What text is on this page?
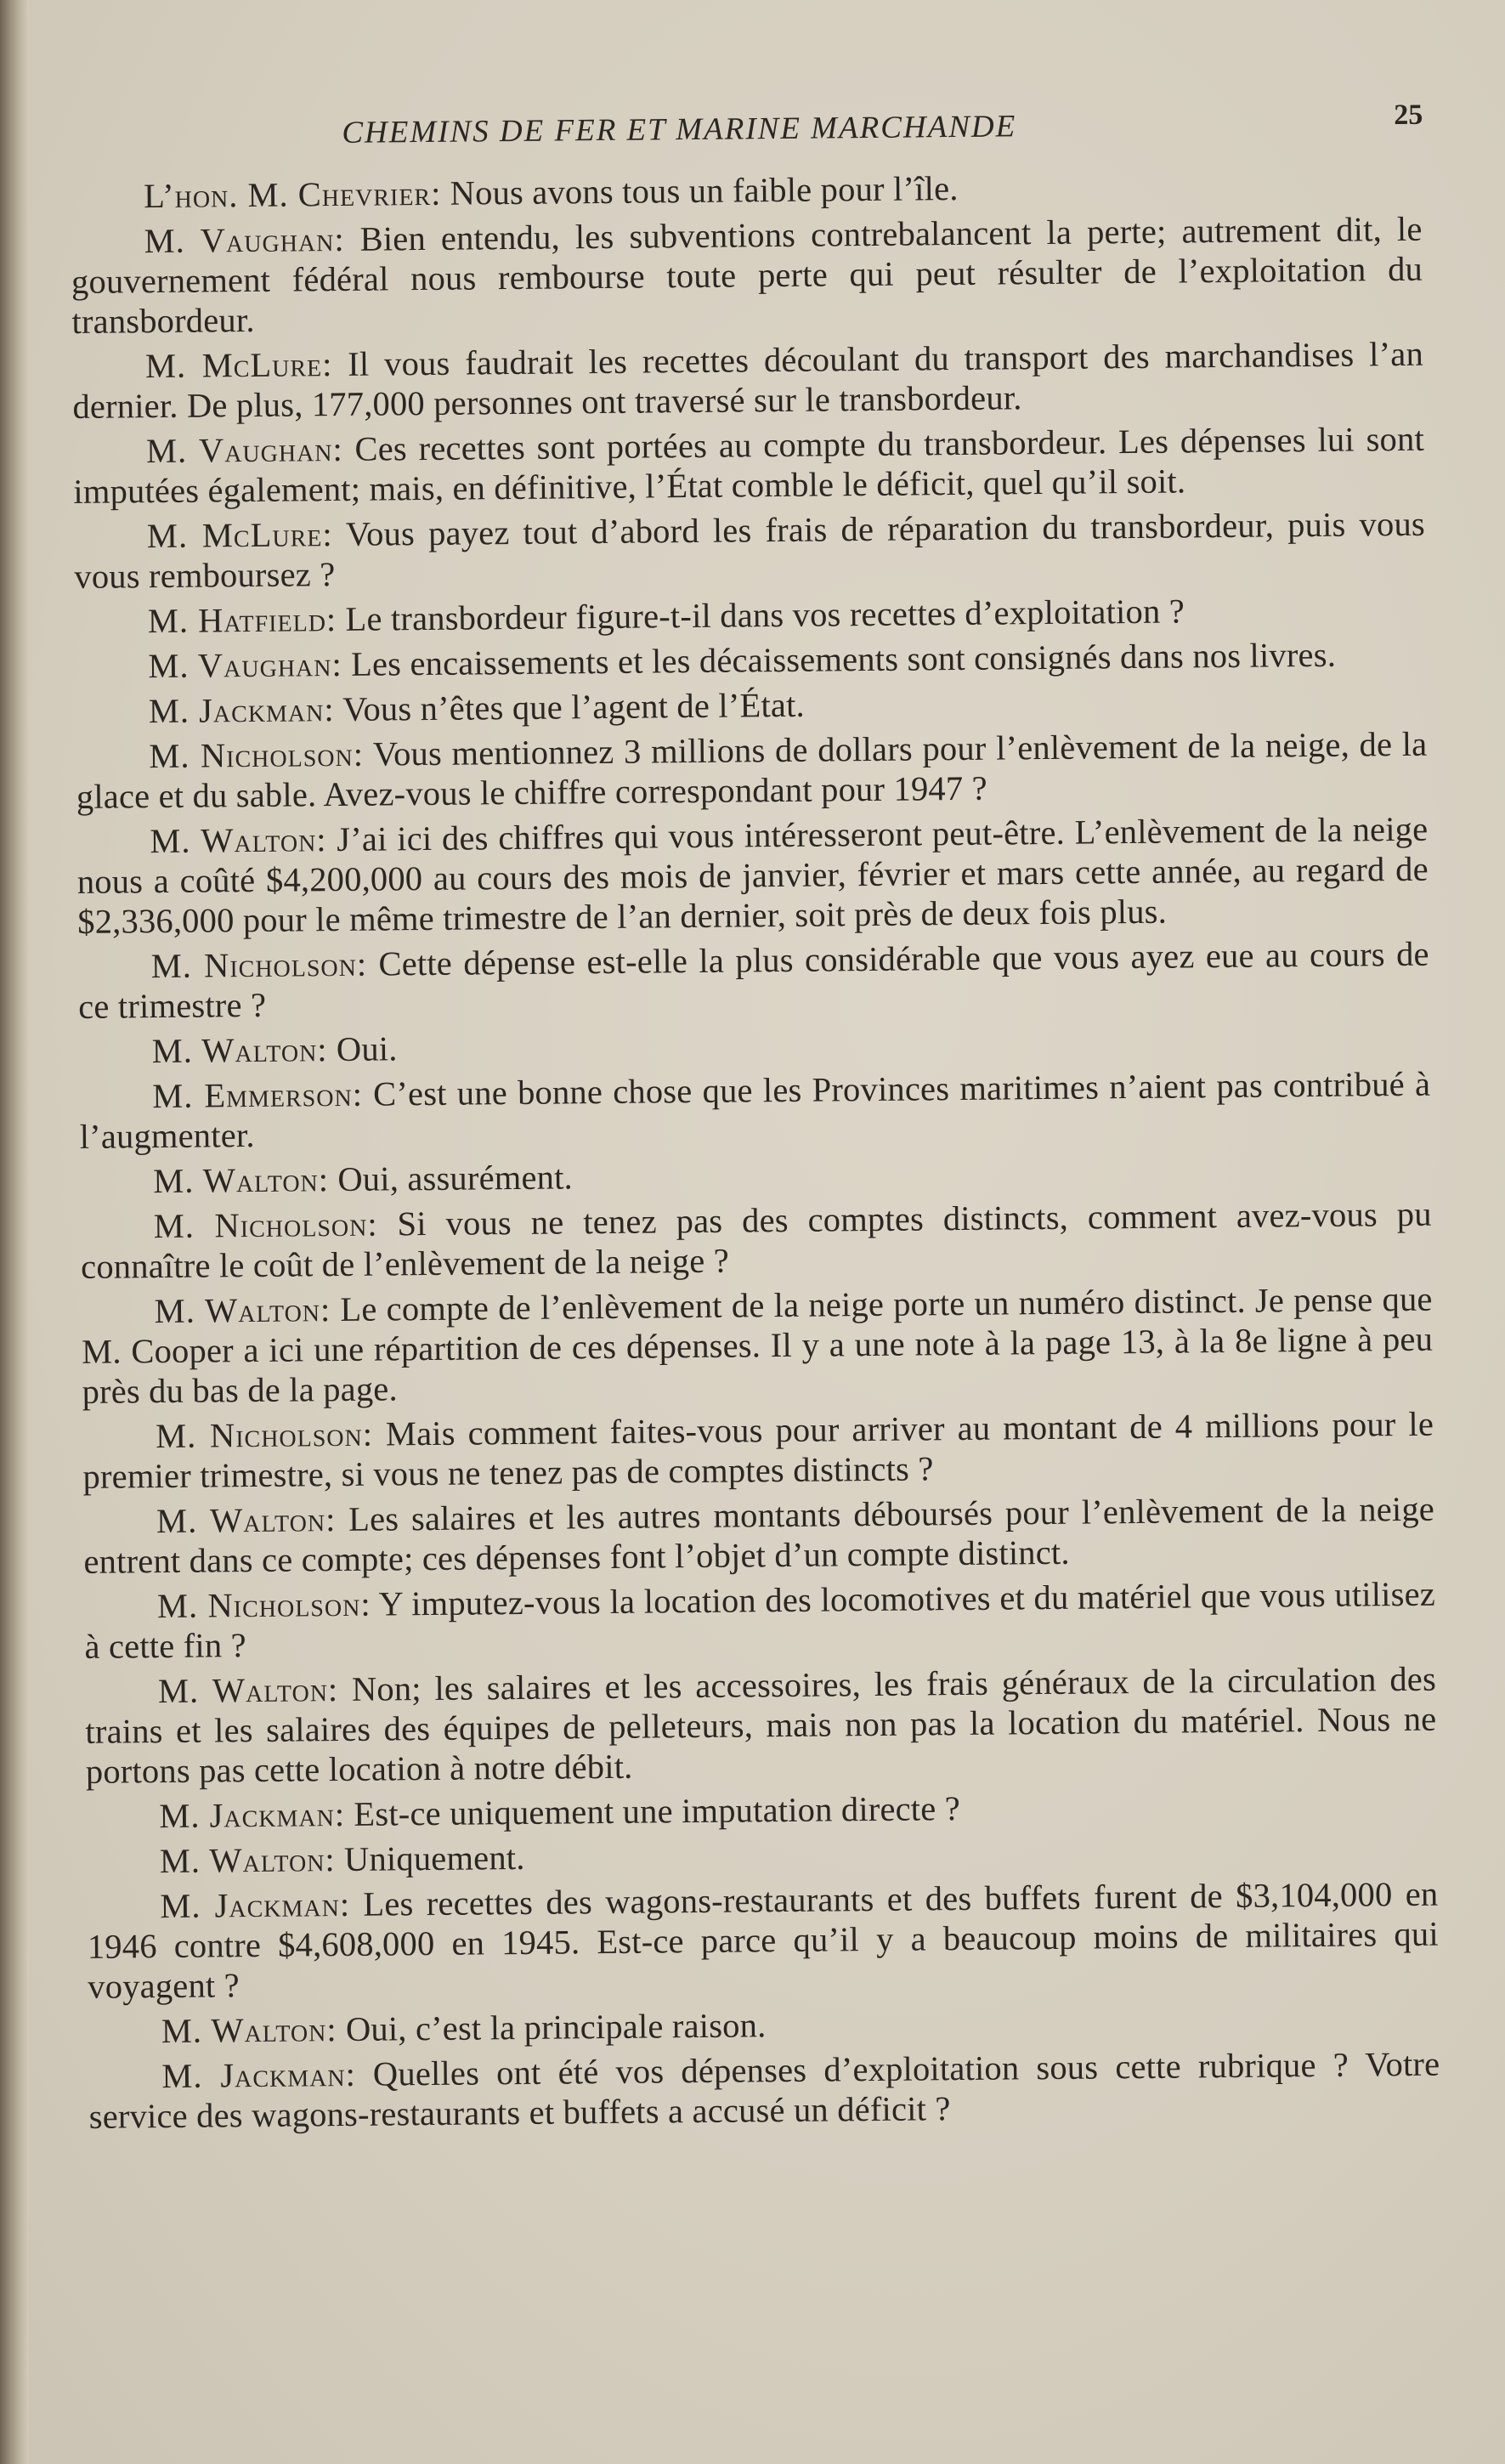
CHEMINS DE FER ET MARINE MARCHANDE	25

L’hon. M. Chevrier: Nous avons tous un faible pour l’île.

M. Vaughan: Bien entendu, les subventions contrebalancent la perte; autrement dit, le gouvernement fédéral nous rembourse toute perte qui peut résulter de l’exploitation du transbordeur.

M. McLure: Il vous faudrait les recettes découlant du transport des marchandises l’an dernier. De plus, 177,000 personnes ont traversé sur le transbordeur.

M. Vaughan: Ces recettes sont portées au compte du transbordeur. Les dépenses lui sont imputées également; mais, en définitive, l’État comble le déficit, quel qu’il soit.

M. McLure: Vous payez tout d’abord les frais de réparation du transbordeur, puis vous vous remboursez ?

M. Hatfield: Le transbordeur figure-t-il dans vos recettes d’exploitation ?

M. Vaughan: Les encaissements et les décaissements sont consignés dans nos livres.

M. Jackman: Vous n’êtes que l’agent de l’État.

M. Nicholson: Vous mentionnez 3 millions de dollars pour l’enlèvement de la neige, de la glace et du sable. Avez-vous le chiffre correspondant pour 1947 ?

M. Walton: J’ai ici des chiffres qui vous intéresseront peut-être. L’enlèvement de la neige nous a coûté $4,200,000 au cours des mois de janvier, février et mars cette année, au regard de $2,336,000 pour le même trimestre de l’an dernier, soit près de deux fois plus.

M. Nicholson: Cette dépense est-elle la plus considérable que vous ayez eue au cours de ce trimestre ?

M. Walton: Oui.

M. Emmerson: C’est une bonne chose que les Provinces maritimes n’aient pas contribué à l’augmenter.

M. Walton: Oui, assurément.

M. Nicholson: Si vous ne tenez pas des comptes distincts, comment avez-vous pu connaître le coût de l’enlèvement de la neige ?

M. Walton: Le compte de l’enlèvement de la neige porte un numéro distinct. Je pense que M. Cooper a ici une répartition de ces dépenses. Il y a une note à la page 13, à la 8e ligne à peu près du bas de la page.

M. Nicholson: Mais comment faites-vous pour arriver au montant de 4 millions pour le premier trimestre, si vous ne tenez pas de comptes distincts ?

M. Walton: Les salaires et les autres montants déboursés pour l’enlèvement de la neige entrent dans ce compte; ces dépenses font l’objet d’un compte distinct.

M. Nicholson: Y imputez-vous la location des locomotives et du matériel que vous utilisez à cette fin ?

M. Walton: Non; les salaires et les accessoires, les frais généraux de la circulation des trains et les salaires des équipes de pelleteurs, mais non pas la location du matériel. Nous ne portons pas cette location à notre débit.

M. Jackman: Est-ce uniquement une imputation directe ?

M. Walton: Uniquement.

M. Jackman: Les recettes des wagons-restaurants et des buffets furent de $3,104,000 en 1946 contre $4,608,000 en 1945. Est-ce parce qu’il y a beaucoup moins de militaires qui voyagent ?

M. Walton: Oui, c’est la principale raison.

M. Jackman: Quelles ont été vos dépenses d’exploitation sous cette rubrique ? Votre service des wagons-restaurants et buffets a accusé un déficit ?
